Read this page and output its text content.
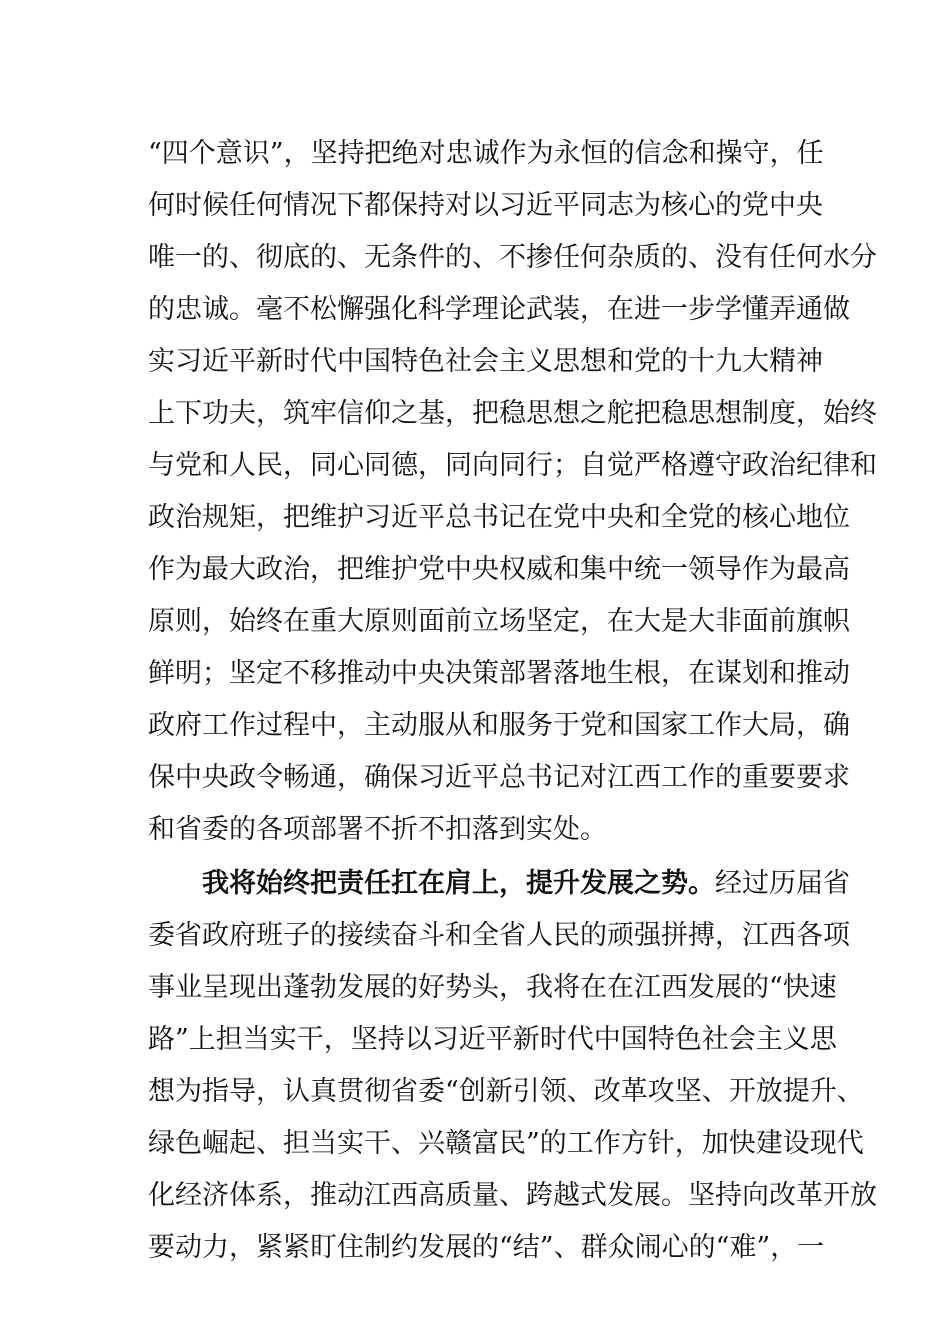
“四个意识”，坚持把绝对忠诚作为永恒的信念和操守，任
何时候任何情况下都保持对以习近平同志为核心的党中央
唯一的、彻底的、无条件的、不掺任何杂质的、没有任何水分
的忠诚。毫不松懈强化科学理论武装，在进一步学懂弄通做
实习近平新时代中国特色社会主义思想和党的十九大精神
上下功夫，筑牢信仰之基，把稳思想之舵把稳思想制度，始终
与党和人民，同心同德，同向同行；自觉严格遵守政治纪律和
政治规矩，把维护习近平总书记在党中央和全党的核心地位
作为最大政治，把维护党中央权威和集中统一领导作为最高
原则，始终在重大原则面前立场坚定，在大是大非面前旗帜
鲜明；坚定不移推动中央决策部署落地生根，在谋划和推动
政府工作过程中，主动服从和服务于党和国家工作大局，确
保中央政令畅通，确保习近平总书记对江西工作的重要要求
和省委的各项部署不折不扣落到实处。
我将始终把责任扛在肩上，提升发展之势。经过历届省
委省政府班子的接续奋斗和全省人民的顽强拼搏，江西各项
事业呈现出蓬勃发展的好势头，我将在在江西发展的“快速
路”上担当实干，坚持以习近平新时代中国特色社会主义思
想为指导，认真贯彻省委“创新引领、改革攻坚、开放提升、
绿色崛起、担当实干、兴赣富民”的工作方针，加快建设现代
化经济体系，推动江西高质量、跨越式发展。坚持向改革开放
要动力，紧紧盯住制约发展的“结”、群众闹心的“难”，一
